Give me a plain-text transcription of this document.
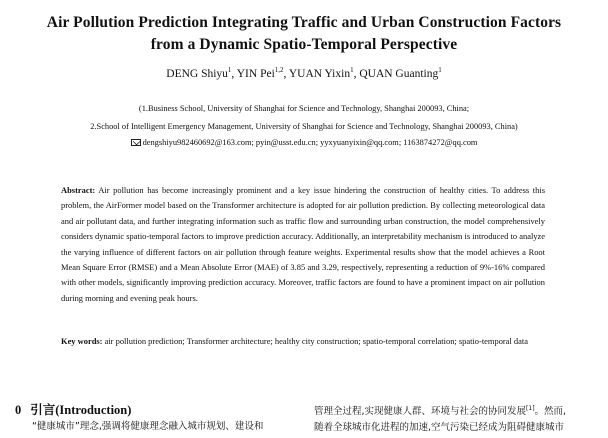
Air Pollution Prediction Integrating Traffic and Urban Construction Factors
from a Dynamic Spatio-Temporal Perspective
DENG Shiyu$^1$, YIN Pei$^{1,2}$, YUAN Yixin$^1$, QUAN Guanting$^1$
(1.Business School, University of Shanghai for Science and Technology, Shanghai 200093, China;
2.School of Intelligent Emergency Management, University of Shanghai for Science and Technology, Shanghai 200093, China)
dengshiyu982460692@163.com; pyin@usst.edu.cn; yyxyuanyixin@qq.com; 1163874272@qq.com
Abstract: Air pollution has become increasingly prominent and a key issue hindering the construction of healthy cities. To address this problem, the AirFormer model based on the Transformer architecture is adopted for air pollution prediction. By collecting meteorological data and air pollutant data, and further integrating information such as traffic flow and surrounding urban construction, the model comprehensively considers dynamic spatio-temporal factors to improve prediction accuracy. Additionally, an interpretability mechanism is introduced to analyze the varying influence of different factors on air pollution through feature weights. Experimental results show that the model achieves a Root Mean Square Error (RMSE) and a Mean Absolute Error (MAE) of 3.85 and 3.29, respectively, representing a reduction of 9%-16% compared with other models, significantly improving prediction accuracy. Moreover, traffic factors are found to have a prominent impact on air pollution during morning and evening peak hours.
Key words: air pollution prediction; Transformer architecture; healthy city construction; spatio-temporal correlation; spatio-temporal data
0 引言(Introduction)
“健康城市”理念,强调将健康理念融入城市规划、建设和
管理全过程,实现健康人群、环境与社会的协同发展[1]。然而,
随着全球城市化进程的加速,空气污染已经成为阻碍健康城市
